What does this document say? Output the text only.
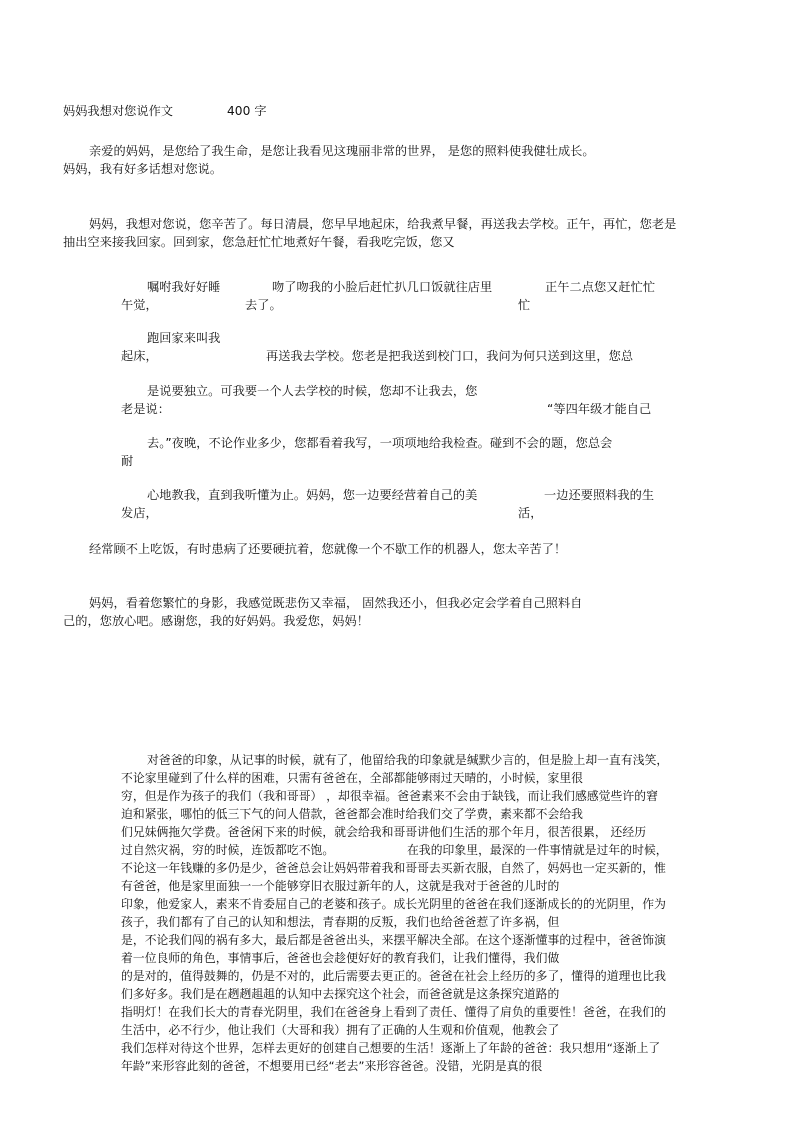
妈妈我想对您说作文	400 字
亲爱的妈妈，是您给了我生命，是您让我看见这瑰丽非常的世界， 是您的照料使我健壮成长。
妈妈，我有好多话想对您说。
妈妈，我想对您说，您辛苦了。每日清晨，您早早地起床，给我煮早餐，再送我去学校。正午，再忙，您老是
抽出空来接我回家。回到家，您急赶忙忙地煮好午餐，看我吃完饭，您又
嘱咐我好好睡	吻了吻我的小脸后赶忙扒几口饭就往店里	正午二点您又赶忙忙
午觉，	去了。	忙
跑回家来叫我
起床，	再送我去学校。您老是把我送到校门口，我问为何只送到这里，您总
是说要独立。可我要一个人去学校的时候，您却不让我去，您
老是说：	“等四年级才能自己
去。”夜晚，不论作业多少，您都看着我写，一项项地给我检查。碰到不会的题，您总会
耐
心地教我，直到我听懂为止。妈妈，您一边要经营着自己的美	一边还要照料我的生
发店，	活，
经常顾不上吃饭，有时患病了还要硬抗着，您就像一个不歇工作的机器人，您太辛苦了！
妈妈，看着您繁忙的身影，我感觉既悲伤又幸福， 固然我还小，但我必定会学着自己照料自
己的，您放心吧。感谢您，我的好妈妈。我爱您，妈妈！
对爸爸的印象，从记事的时候，就有了，他留给我的印象就是缄默少言的，但是脸上却一直有浅笑，
不论家里碰到了什么样的困难，只需有爸爸在，全部都能够雨过天晴的，小时候，家里很
穷，但是作为孩子的我们（我和哥哥） ，却很幸福。爸爸素来不会由于缺钱，而让我们感感觉些许的窘
迫和紧张，哪怕的低三下气的问人借款，爸爸都会准时给我们交了学费，素来都不会给我
们兄妹俩拖欠学费。爸爸闲下来的时候，就会给我和哥哥讲他们生活的那个年月，很苦很累， 还经历
过自然灾祸，穷的时候，连饭都吃不饱。	在我的印象里，最深的一件事情就是过年的时候，
不论这一年钱赚的多仍是少，爸爸总会让妈妈带着我和哥哥去买新衣服，自然了，妈妈也一定买新的，惟
有爸爸，他是家里面独一一个能够穿旧衣服过新年的人，这就是我对于爸爸的儿时的
印象，他爱家人，素来不肯委屈自己的老婆和孩子。成长光阴里的爸爸在我们逐渐成长的的光阴里，作为
孩子，我们都有了自己的认知和想法，青春期的反叛，我们也给爸爸惹了许多祸，但
是，不论我们闯的祸有多大，最后都是爸爸出头，来摆平解决全部。在这个逐渐懂事的过程中，爸爸饰演
着一位良师的角色，事情事后，爸爸也会趁便好好的教育我们，让我们懂得，我们做
的是对的，值得鼓舞的，仍是不对的，此后需要去更正的。爸爸在社会上经历的多了，懂得的道理也比我
们多好多。我们是在趔趔趄趄的认知中去探究这个社会，而爸爸就是这条探究道路的
指明灯！在我们长大的青春光阴里，我们在爸爸身上看到了责任、懂得了肩负的重要性！爸爸，在我们的
生活中，必不行少，他让我们（大哥和我）拥有了正确的人生观和价值观，他教会了
我们怎样对待这个世界，怎样去更好的创建自己想要的生活！逐渐上了年龄的爸爸：我只想用“逐渐上了
年龄”来形容此刻的爸爸，不想要用已经“老去”来形容爸爸。没错，光阴是真的很
